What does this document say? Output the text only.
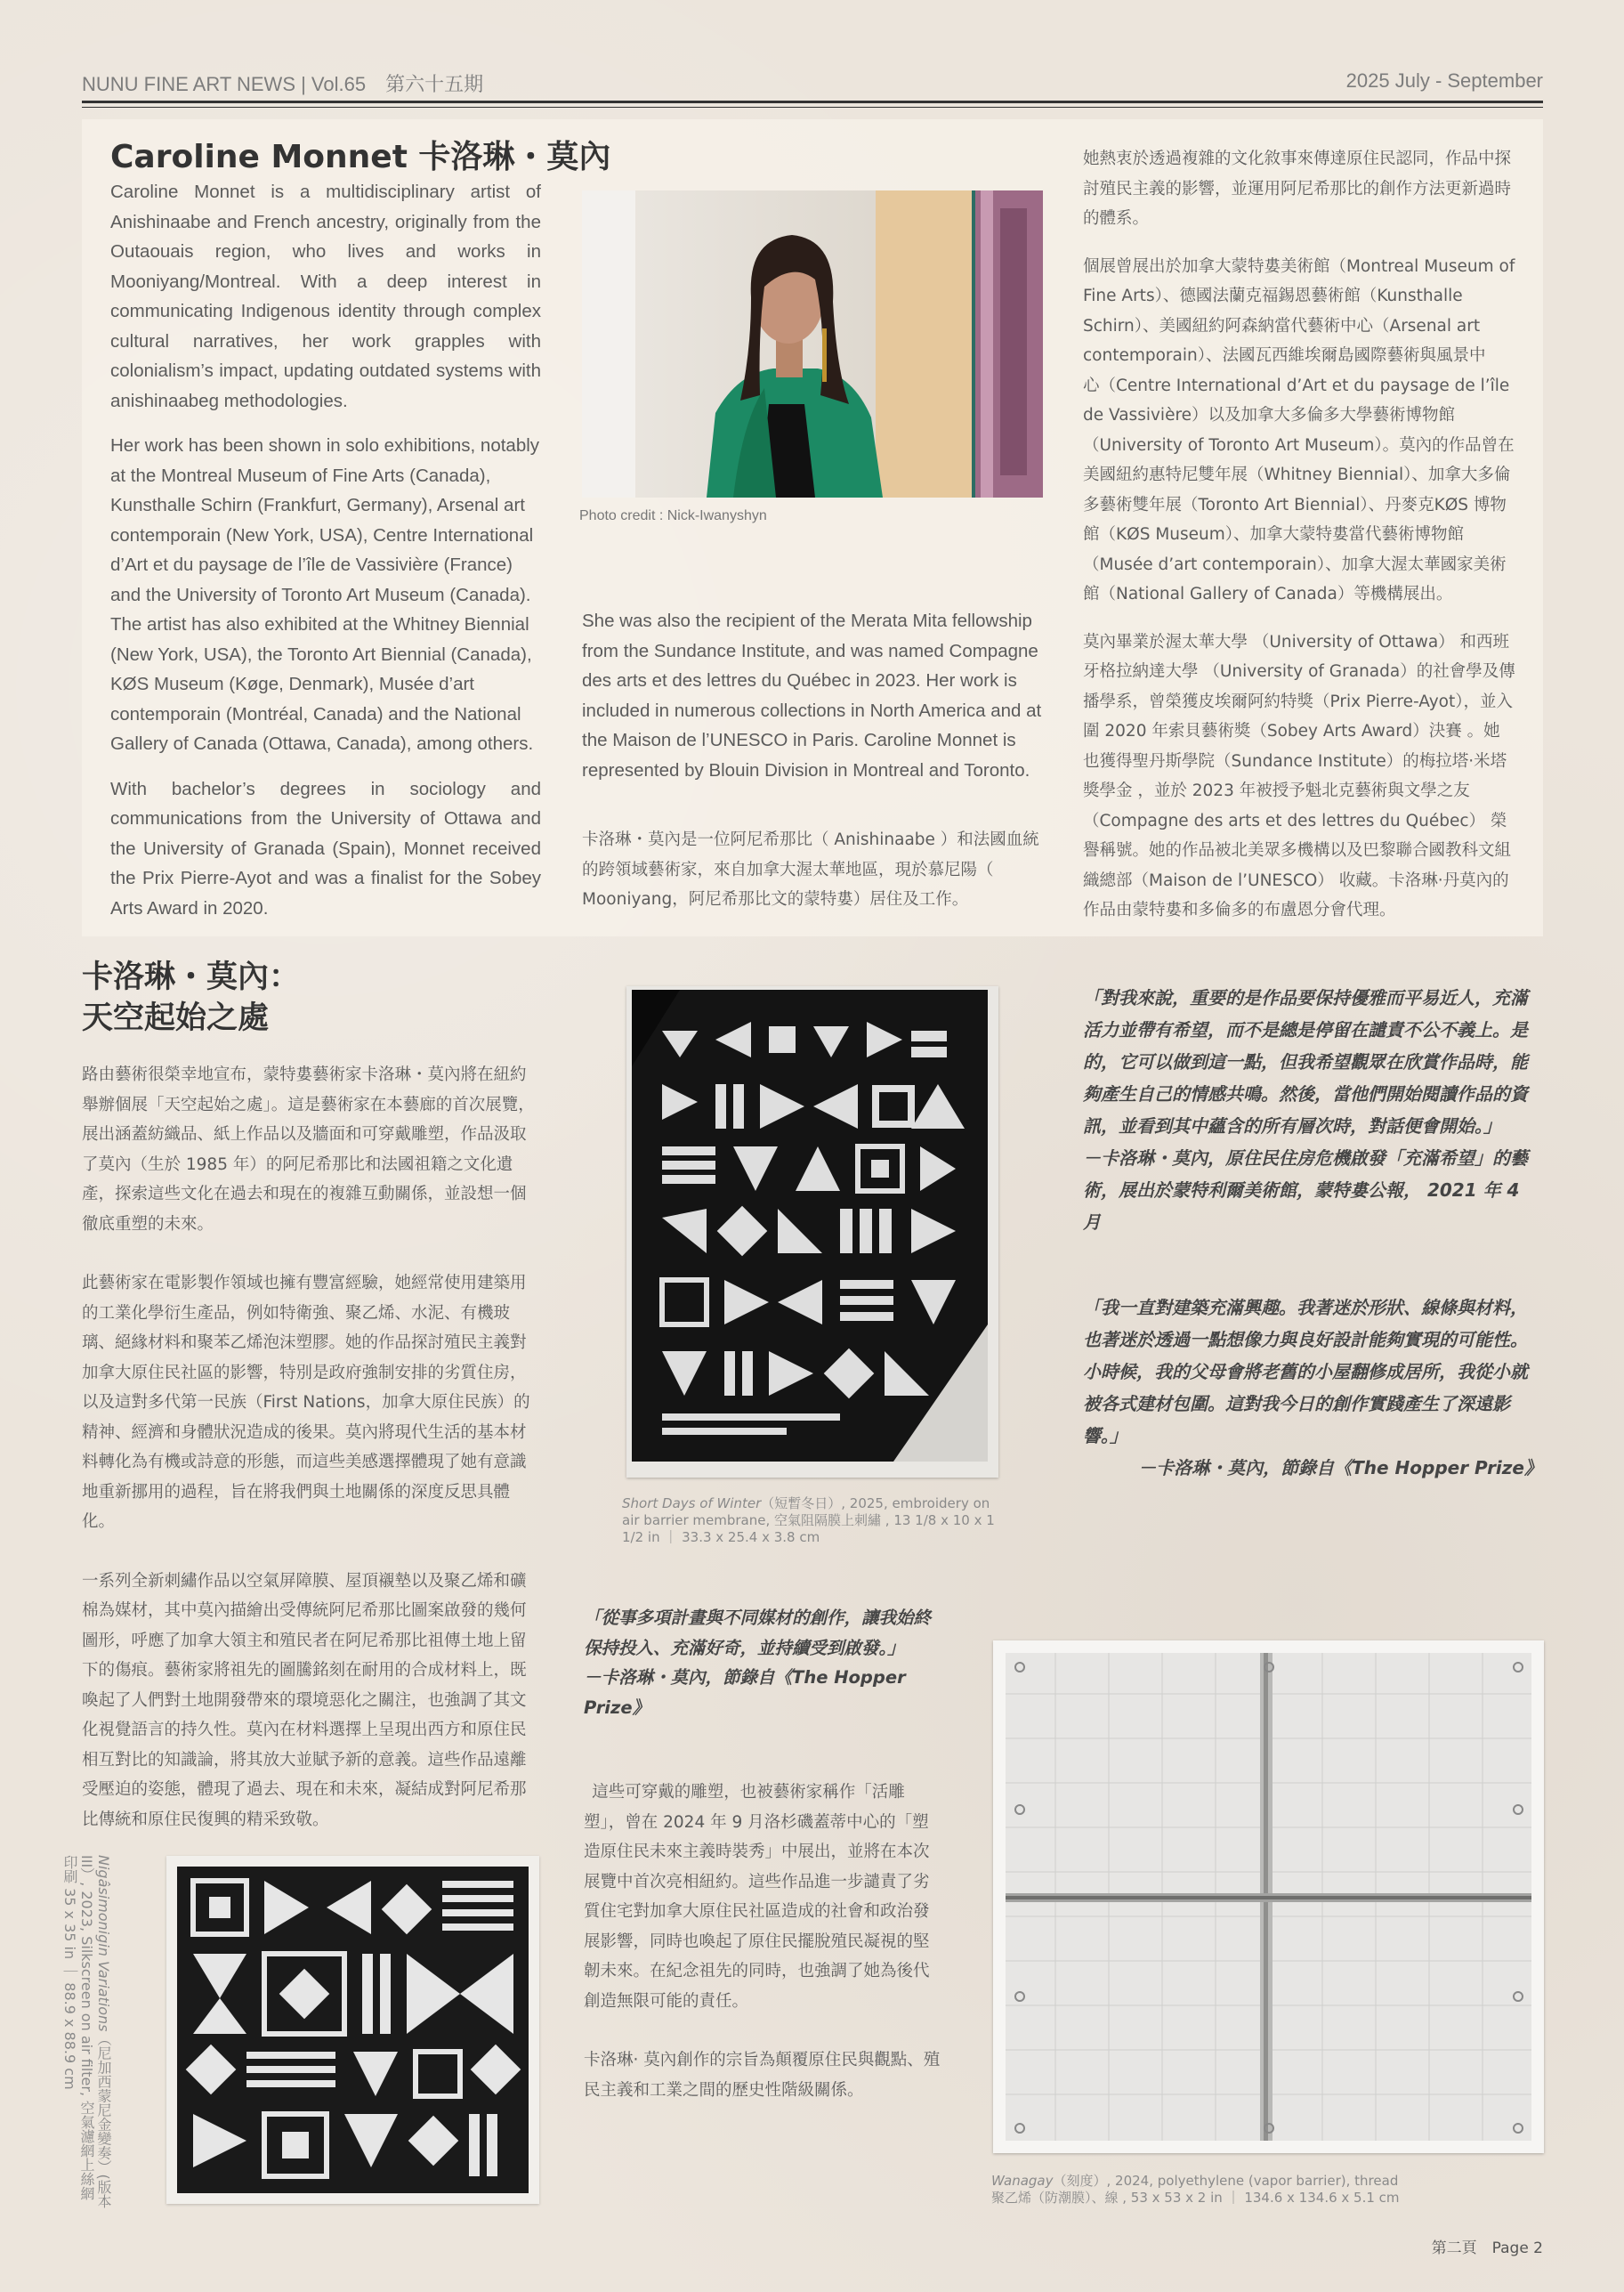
NUNU FINE ART NEWS | Vol.65　第六十五期	2025 July - September
Caroline Monnet 卡洛琳・莫內

Caroline Monnet is a multidisciplinary artist of Anishinaabe and French ancestry, originally from the Outaouais region, who lives and works in Mooniyang/Montreal. With a deep interest in communicating Indigenous identity through complex cultural narratives, her work grapples with colonialism’s impact, updating outdated systems with anishinaabeg methodologies.

Her work has been shown in solo exhibitions, notably at the Montreal Museum of Fine Arts (Canada), Kunsthalle Schirn (Frankfurt, Germany), Arsenal art contemporain (New York, USA), Centre International d’Art et du paysage de l’île de Vassivière (France) and the University of Toronto Art Museum (Canada). The artist has also exhibited at the Whitney Biennial (New York, USA), the Toronto Art Biennial (Canada), KØS Museum (Køge, Denmark), Musée d’art contemporain (Montréal, Canada) and the National Gallery of Canada (Ottawa, Canada), among others.

With bachelor’s degrees in sociology and communications from the University of Ottawa and the University of Granada (Spain), Monnet received the Prix Pierre-Ayot and was a finalist for the Sobey Arts Award in 2020.

Photo credit : Nick-Iwanyshyn

She was also the recipient of the Merata Mita fellowship from the Sundance Institute, and was named Compagne des arts et des lettres du Québec in 2023. Her work is included in numerous collections in North America and at the Maison de l’UNESCO in Paris. Caroline Monnet is represented by Blouin Division in Montreal and Toronto.

卡洛琳・莫內是一位阿尼希那比（ Anishinaabe ）和法國血統的跨領域藝術家，來自加拿大渥太華地區，現於慕尼陽（ Mooniyang，阿尼希那比文的蒙特婁）居住及工作。

她熱衷於透過複雜的文化敘事來傳達原住民認同，作品中探討殖民主義的影響，並運用阿尼希那比的創作方法更新過時的體系。

個展曾展出於加拿大蒙特婁美術館（Montreal Museum of Fine Arts）、德國法蘭克福錫恩藝術館（Kunsthalle Schirn）、美國紐約阿森納當代藝術中心（Arsenal art contemporain）、法國瓦西維埃爾島國際藝術與風景中　心（Centre International d’Art et du paysage de l’île de Vassivière）以及加拿大多倫多大學藝術博物館（University of Toronto Art Museum）。莫內的作品曾在美國紐約惠特尼雙年展（Whitney Biennial）、加拿大多倫多藝術雙年展（Toronto Art Biennial）、丹麥克KØS 博物館（KØS Museum）、加拿大蒙特婁當代藝術博物館（Musée d’art contemporain）、加拿大渥太華國家美術館（National Gallery of Canada）等機構展出。

莫內畢業於渥太華大學 （University of Ottawa） 和西班牙格拉納達大學 （University of Granada）的社會學及傳播學系，曾榮獲皮埃爾阿約特獎（Prix Pierre-Ayot），並入圍 2020 年索貝藝術獎（Sobey Arts Award）決賽 。她也獲得聖丹斯學院（Sundance Institute）的梅拉塔·米塔獎學金 ，並於 2023 年被授予魁北克藝術與文學之友（Compagne des arts et des lettres du Québec） 榮譽稱號。她的作品被北美眾多機構以及巴黎聯合國教科文組織總部（Maison de l’UNESCO） 收藏。卡洛琳·丹莫內的作品由蒙特婁和多倫多的布盧恩分會代理。

卡洛琳・莫內：
天空起始之處

路由藝術很榮幸地宣布，蒙特婁藝術家卡洛琳・莫內將在紐約舉辦個展「天空起始之處」。這是藝術家在本藝廊的首次展覽，展出涵蓋紡織品、紙上作品以及牆面和可穿戴雕塑，作品汲取了莫內（生於 1985 年）的阿尼希那比和法國祖籍之文化遺產，探索這些文化在過去和現在的複雜互動關係，並設想一個徹底重塑的未來。

此藝術家在電影製作領域也擁有豐富經驗，她經常使用建築用的工業化學衍生產品，例如特衛強、聚乙烯、水泥、有機玻璃、絕緣材料和聚苯乙烯泡沫塑膠。她的作品探討殖民主義對加拿大原住民社區的影響，特別是政府強制安排的劣質住房，以及這對多代第一民族（First Nations，加拿大原住民族）的精神、經濟和身體狀況造成的後果。莫內將現代生活的基本材料轉化為有機或詩意的形態，而這些美感選擇體現了她有意識地重新挪用的過程，旨在將我們與土地關係的深度反思具體化。

一系列全新刺繡作品以空氣屏障膜、屋頂襯墊以及聚乙烯和礦棉為媒材，其中莫內描繪出受傳統阿尼希那比圖案啟發的幾何圖形，呼應了加拿大領主和殖民者在阿尼希那比祖傳土地上留下的傷痕。藝術家將祖先的圖騰銘刻在耐用的合成材料上，既喚起了人們對土地開發帶來的環境惡化之關注，也強調了其文化視覺語言的持久性。莫內在材料選擇上呈現出西方和原住民相互對比的知識論，將其放大並賦予新的意義。這些作品遠離受壓迫的姿態，體現了過去、現在和未來，凝結成對阿尼希那比傳統和原住民復興的精采致敬。

Short Days of Winter（短暫冬日）, 2025, embroidery on air barrier membrane, 空氣阻隔膜上刺繡 , 13 1/8 x 10 x 1 1/2 in ｜ 33.3 x 25.4 x 3.8 cm

「從事多項計畫與不同媒材的創作，讓我始終保持投入、充滿好奇，並持續受到啟發。」

－卡洛琳・莫內，節錄自《The Hopper Prize》

這些可穿戴的雕塑，也被藝術家稱作「活雕塑」，曾在 2024 年 9 月洛杉磯蓋蒂中心的「塑造原住民未來主義時裝秀」中展出，並將在本次展覽中首次亮相紐約。這些作品進一步譴責了劣質住宅對加拿大原住民社區造成的社會和政治發展影響，同時也喚起了原住民擺脫殖民凝視的堅韌未來。在紀念祖先的同時，也強調了她為後代創造無限可能的責任。

卡洛琳· 莫內創作的宗旨為顛覆原住民與觀點、殖民主義和工業之間的歷史性階級關係。

「對我來說，重要的是作品要保持優雅而平易近人，充滿活力並帶有希望，而不是總是停留在譴責不公不義上。是的，它可以做到這一點，但我希望觀眾在欣賞作品時，能夠產生自己的情感共鳴。然後，當他們開始閱讀作品的資訊，並看到其中蘊含的所有層次時，對話便會開始。」

－卡洛琳・莫內，原住民住房危機啟發「充滿希望」的藝術，展出於蒙特利爾美術館，蒙特婁公報， 2021 年 4 月

「我一直對建築充滿興趣。我著迷於形狀、線條與材料，也著迷於透過一點想像力與良好設計能夠實現的可能性。小時候，我的父母會將老舊的小屋翻修成居所，我從小就被各式建材包圍。這對我今日的創作實踐產生了深遠影響。」

－卡洛琳・莫內，節錄自《The Hopper Prize》

Nigâsimonigin Variations（尼加西蒙尼金變奏）(版本III）, 2023, Silkscreen on air filter, 空氣濾網上絲網印刷 35 x 35 in ｜ 88.9 x 88.9 cm
Wanagay（刻度）, 2024, polyethylene (vapor barrier), thread
聚乙烯（防潮膜）、線 , 53 x 53 x 2 in ｜ 134.6 x 134.6 x 5.1 cm
第二頁　Page 2
